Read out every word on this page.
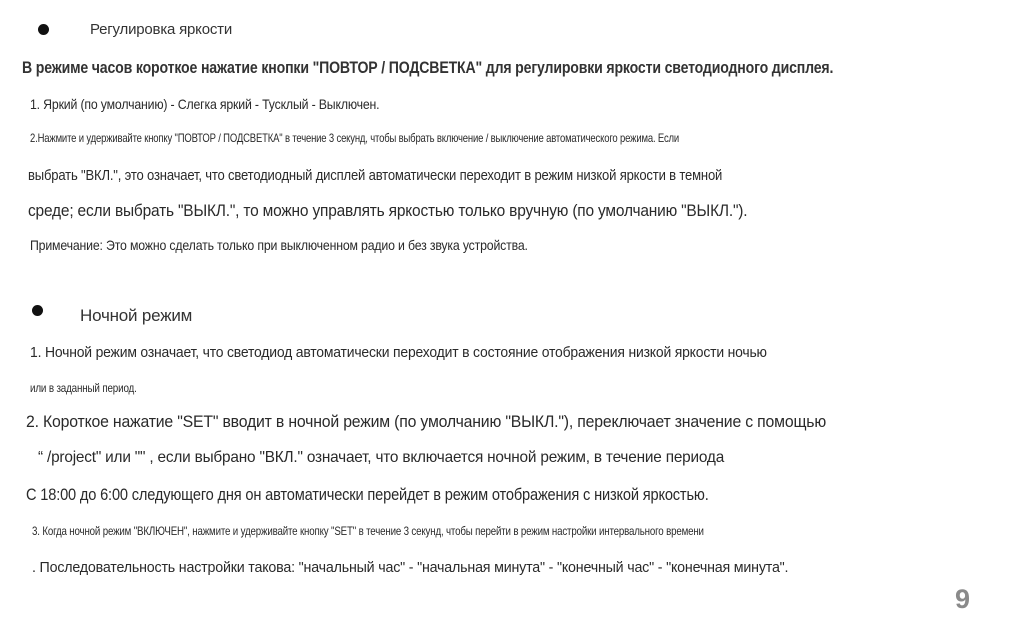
Регулировка яркости
В режиме часов короткое нажатие кнопки "ПОВТОР / ПОДСВЕТКА" для регулировки яркости светодиодного дисплея.
1. Яркий (по умолчанию) - Слегка яркий - Тусклый - Выключен.
2.Нажмите и удерживайте кнопку "ПОВТОР / ПОДСВЕТКА" в течение 3 секунд, чтобы выбрать включение / выключение автоматического режима. Если
выбрать "ВКЛ.", это означает, что светодиодный дисплей автоматически переходит в режим низкой яркости в темной
среде; если выбрать "ВЫКЛ.", то можно управлять яркостью только вручную (по умолчанию "ВЫКЛ.").
Примечание: Это можно сделать только при выключенном радио и без звука устройства.
Ночной режим
1. Ночной режим означает, что светодиод автоматически переходит в состояние отображения низкой яркости ночью
или в заданный период.
2. Короткое нажатие "SET" вводит в ночной режим (по умолчанию "ВЫКЛ."), переключает значение с помощью
“ /project" или "" , если выбрано "ВКЛ." означает, что включается ночной режим, в течение периода
С 18:00 до 6:00 следующего дня он автоматически перейдет в режим отображения с низкой яркостью.
3. Когда ночной режим "ВКЛЮЧЕН", нажмите и удерживайте кнопку "SET" в течение 3 секунд, чтобы перейти в режим настройки интервального времени
. Последовательность настройки такова: "начальный час" - "начальная минута" - "конечный час" - "конечная минута".
9
